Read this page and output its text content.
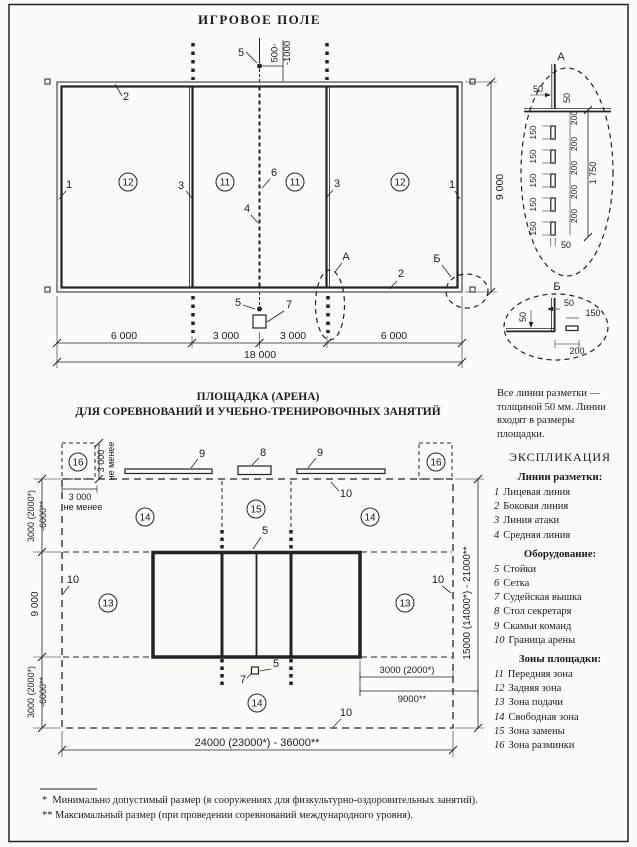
500- -1000
5
2
1	3
6
3	1
4
2
5	7
12	11	11	12
А	Б
6 000	3 000	3 000	6 000
18 000
9 000
А
50
50
150
150
150
150
150
200
200
200
200
200
1 750
50
Б
50
50	150
200
16	16
3 000 не менее
3 000
не менее
9	8	9
14
15
14
13	13
14
10
10	10
10
5
5
7
3000 (2000*) -6000**
9 000
3000 (2000*) -6000**
15000 (14000*) - 21000**
24000 (23000*) - 36000**
3000 (2000*)
9000**
ИГРОВОЕ ПОЛЕ
ПЛОЩАДКА (АРЕНА)
ДЛЯ СОРЕВНОВАНИЙ И УЧЕБНО-ТРЕНИРОВОЧНЫХ ЗАНЯТИЙ
Все линии разметки — толщиной 50 мм. Линии входят в размеры площадки.
ЭКСПЛИКАЦИЯ
Линии разметки:
1 Лицевая линия
2 Боковая линия
3 Линия атаки
4 Средняя линия
Оборудование:
5 Стойки
6 Сетка
7 Судейская вышка
8 Стол секретаря
9 Скамьи команд
10 Граница арены
Зоны площадки:
11 Передняя зона
12 Задняя зона
13 Зона подачи
14 Свободная зона
15 Зона замены
16 Зона разминки
*  Минимально допустимый размер (в сооружениях для физкультурно-оздоровительных занятий).
** Максимальный размер (при проведении соревнований международного уровня).
